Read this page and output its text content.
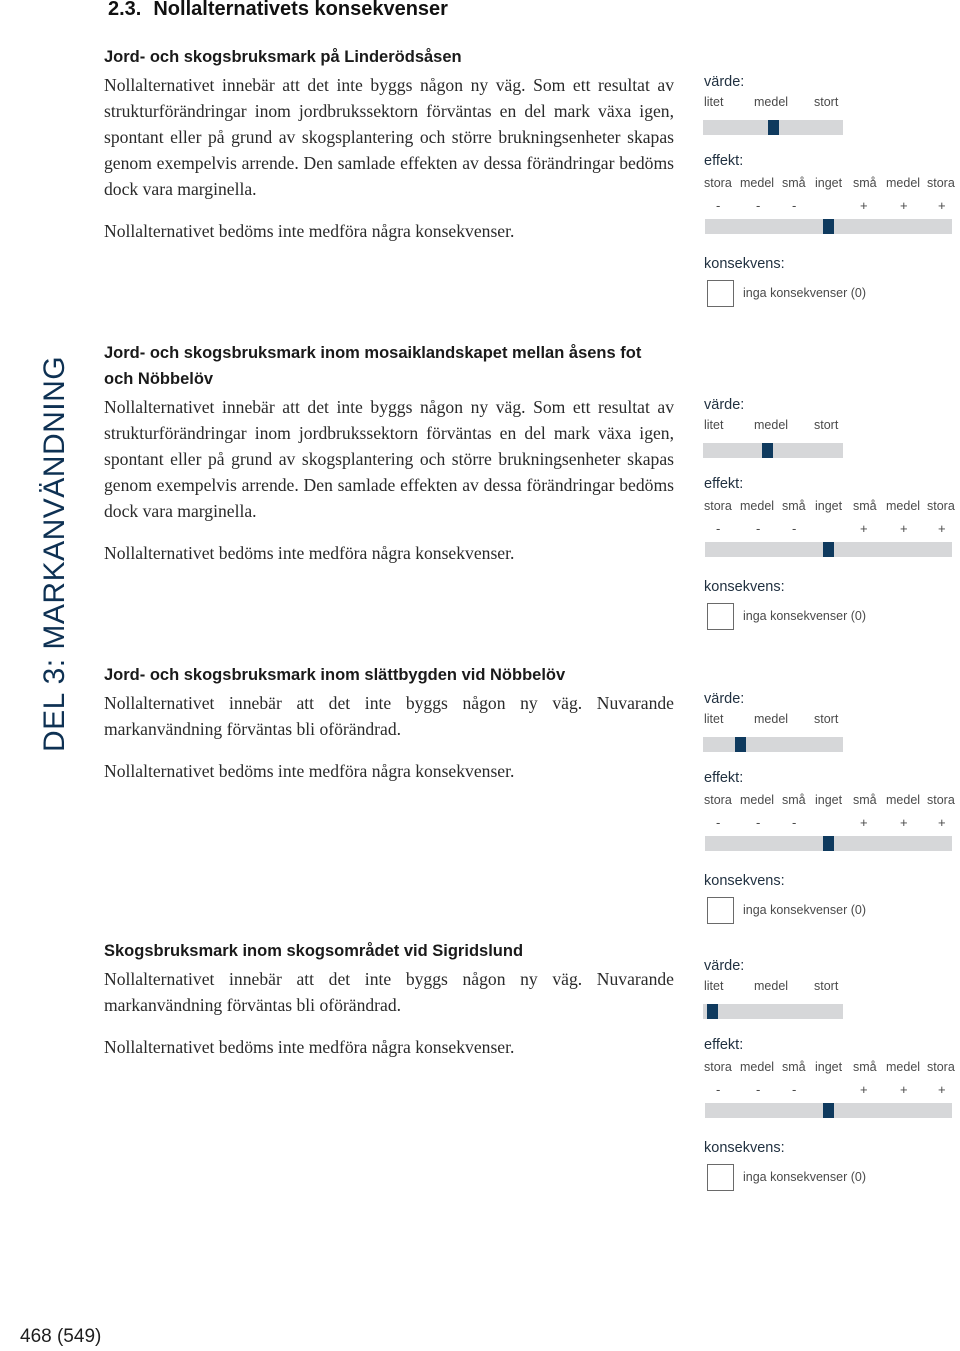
2.3. Nollalternativets konsekvenser
Jord- och skogsbruksmark på Linderödsåsen

Nollalternativet innebär att det inte byggs någon ny väg. Som ett resultat av strukturförändringar inom jordbrukssektorn förväntas en del mark växa igen, spontant eller på grund av skogsplantering och större brukningsenheter skapas genom exempelvis arrende. Den samlade effekten av dessa förändringar bedöms dock vara marginella.

Nollalternativet bedöms inte medföra några konsekvenser.

Jord- och skogsbruksmark inom mosaiklandskapet mellan åsens fot och Nöbbelöv

Nollalternativet innebär att det inte byggs någon ny väg. Som ett resultat av strukturförändringar inom jordbrukssektorn förväntas en del mark växa igen, spontant eller på grund av skogsplantering och större brukningsenheter skapas genom exempelvis arrende. Den samlade effekten av dessa förändringar bedöms dock vara marginella.

Nollalternativet bedöms inte medföra några konsekvenser.

Jord- och skogsbruksmark inom slättbygden vid Nöbbelöv

Nollalternativet innebär att det inte byggs någon ny väg. Nuvarande markanvändning förväntas bli oförändrad.

Nollalternativet bedöms inte medföra några konsekvenser.

Skogsbruksmark inom skogsområdet vid Sigridslund

Nollalternativet innebär att det inte byggs någon ny väg. Nuvarande markanvändning förväntas bli oförändrad.

Nollalternativet bedöms inte medföra några konsekvenser.

värde:
litet medel stort
effekt:
stora medel små inget små medel stora
-	- -	+ + +
konsekvens:
inga konsekvenser (0)
värde:
litet medel stort
effekt:
stora medel små inget små medel stora
-	- -	+ + +
konsekvens:
inga konsekvenser (0)
värde:
litet medel stort
effekt:
stora medel små inget små medel stora
-	- -	+ + +
konsekvens:
inga konsekvenser (0)
värde:
litet medel stort
effekt:
stora medel små inget små medel stora
-	- -	+ + +
konsekvens:
inga konsekvenser (0)
DEL 3: MARKANVÄNDNING
468 (549)
